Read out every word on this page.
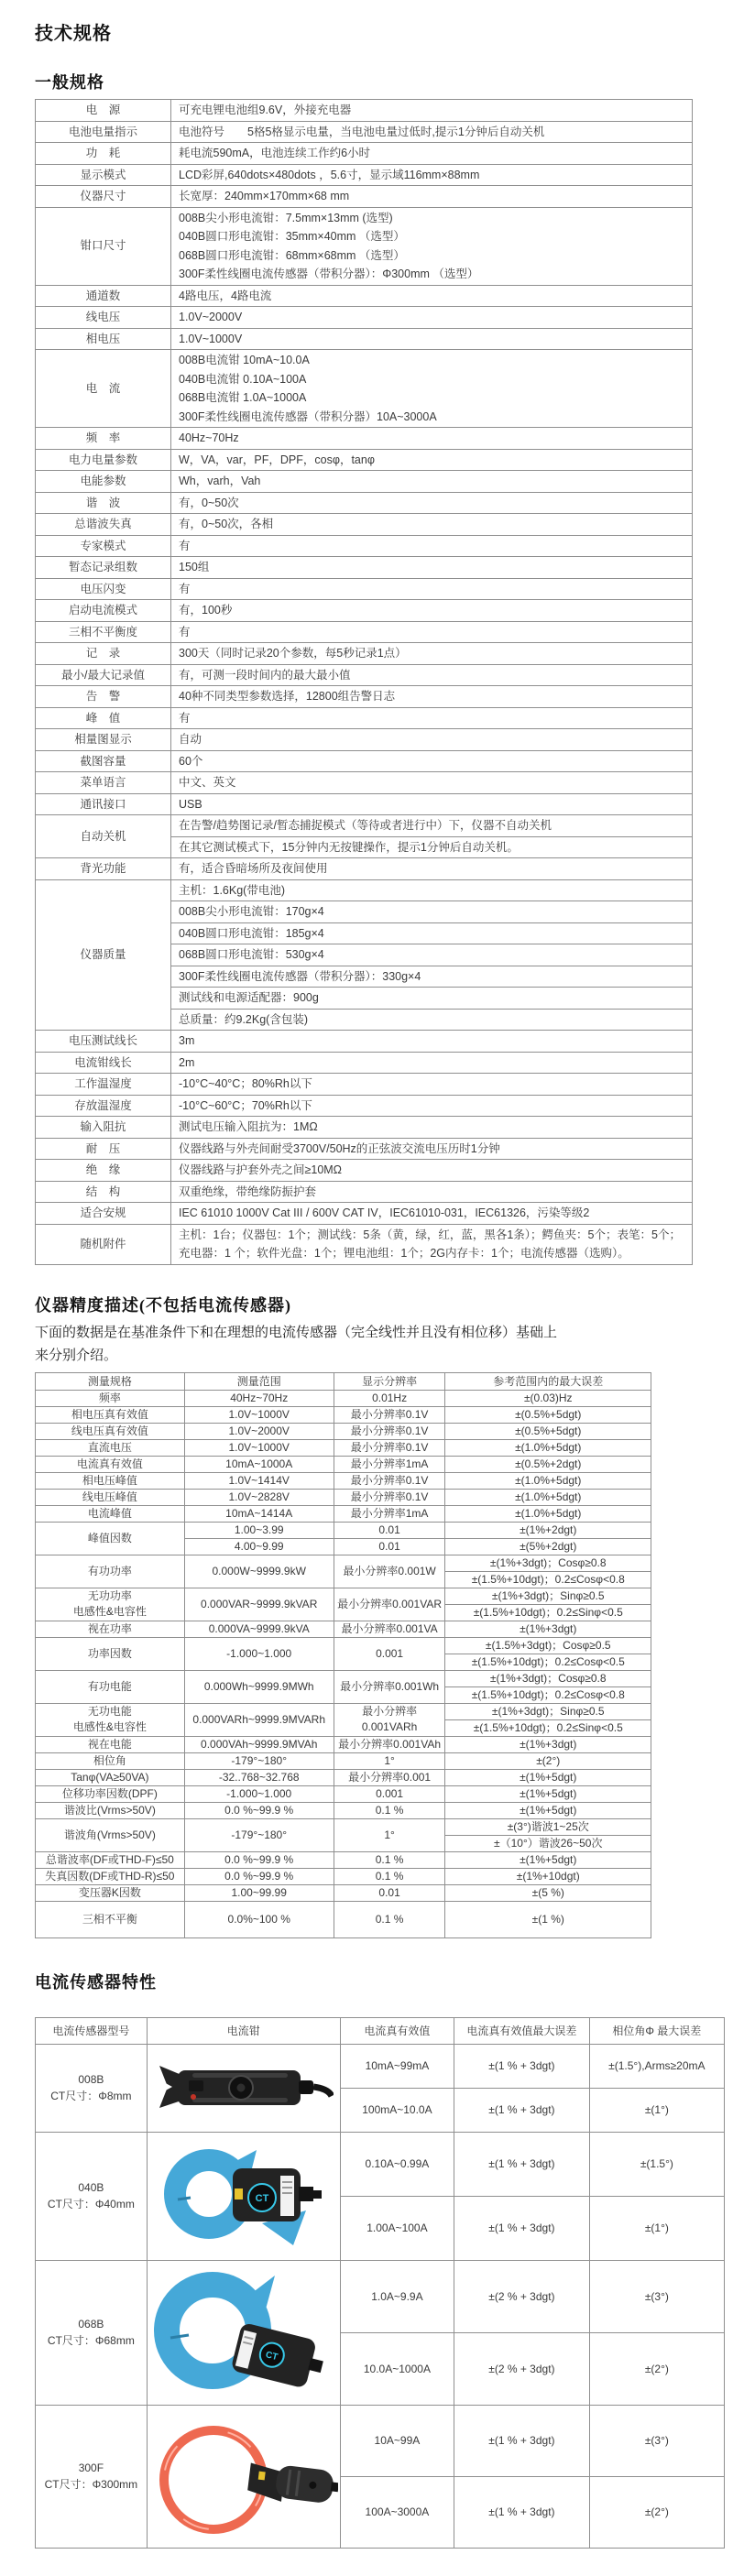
技术规格
一般规格
电　源	可充电锂电池组9.6V，外接充电器
电池电量指示	电池符号　　5格5格显示电量，当电池电量过低时,提示1分钟后自动关机
功　耗	耗电流590mA，电池连续工作约6小时
显示模式	LCD彩屏,640dots×480dots ，5.6寸，显示域116mm×88mm
仪器尺寸	长宽厚：240mm×170mm×68 mm
钳口尺寸	008B尖小形电流钳：7.5mm×13mm (选型)
040B圆口形电流钳：35mm×40mm （选型）
068B圆口形电流钳：68mm×68mm （选型）
300F柔性线圈电流传感器（带积分器）：Φ300mm （选型）

通道数	4路电压，4路电流
线电压	1.0V~2000V
相电压	1.0V~1000V
电　流	008B电流钳 10mA~10.0A
040B电流钳 0.10A~100A
068B电流钳 1.0A~1000A
300F柔性线圈电流传感器（带积分器）10A~3000A

频　率	40Hz~70Hz
电力电量参数	W，VA，var，PF，DPF，cosφ，tanφ
电能参数	Wh，varh，Vah
谐　波	有，0~50次
总谐波失真	有，0~50次，各相
专家模式	有
暂态记录组数	150组
电压闪变	有
启动电流模式	有，100秒
三相不平衡度	有
记　录	300天（同时记录20个参数，每5秒记录1点）
最小/最大记录值	有，可测一段时间内的最大最小值
告　警	40种不同类型参数选择，12800组告警日志
峰　值	有
相量图显示	自动
截图容量	60个
菜单语言	中文、英文
通讯接口	USB
自动关机	在告警/趋势图记录/暂态捕捉模式（等待或者进行中）下，仪器不自动关机
	在其它测试模式下，15分钟内无按键操作，提示1分钟后自动关机。
背光功能	有，适合昏暗场所及夜间使用
仪器质量	主机：1.6Kg(带电池)
	008B尖小形电流钳：170g×4
	040B圆口形电流钳：185g×4
	068B圆口形电流钳：530g×4
	300F柔性线圈电流传感器（带积分器）：330g×4
	测试线和电源适配器：900g
	总质量：约9.2Kg(含包装)
电压测试线长	3m
电流钳线长	2m
工作温湿度	-10°C~40°C；80%Rh以下
存放温湿度	-10°C~60°C；70%Rh以下
输入阻抗	测试电压输入阻抗为：1MΩ
耐　压	仪器线路与外壳间耐受3700V/50Hz的正弦波交流电压历时1分钟
绝　缘	仪器线路与护套外壳之间≥10MΩ
结　构	双重绝缘，带绝缘防振护套
适合安规	IEC 61010 1000V Cat III / 600V CAT IV，IEC61010-031，IEC61326，污染等级2
随机附件	主机：1台；仪器包：1个；测试线：5条（黄，绿，红，蓝，黑各1条）；鳄鱼夹：5个；表笔：5个；充电器：1 个；软件光盘：1个；锂电池组：1个；2G内存卡：1个；电流传感器（选购）。
仪器精度描述(不包括电流传感器)

下面的数据是在基准条件下和在理想的电流传感器（完全线性并且没有相位移）基础上
来分别介绍。

测量规格	测量范围	显示分辨率	参考范围内的最大误差
频率	40Hz~70Hz	0.01Hz	±(0.03)Hz
相电压真有效值	1.0V~1000V	最小分辨率0.1V	±(0.5%+5dgt)
线电压真有效值	1.0V~2000V	最小分辨率0.1V	±(0.5%+5dgt)
直流电压	1.0V~1000V	最小分辨率0.1V	±(1.0%+5dgt)
电流真有效值	10mA~1000A	最小分辨率1mA	±(0.5%+2dgt)
相电压峰值	1.0V~1414V	最小分辨率0.1V	±(1.0%+5dgt)
线电压峰值	1.0V~2828V	最小分辨率0.1V	±(1.0%+5dgt)
电流峰值	10mA~1414A	最小分辨率1mA	±(1.0%+5dgt)
峰值因数	1.00~3.99	0.01	±(1%+2dgt)
	4.00~9.99	0.01	±(5%+2dgt)
有功功率	0.000W~9999.9kW	最小分辨率0.001W	±(1%+3dgt)；Cosφ≥0.8
			±(1.5%+10dgt)；0.2≤Cosφ<0.8

无功功率
电感性&电容性	0.000VAR~9999.9kVAR	最小分辨率0.001VAR	±(1%+3dgt)；Sinφ≥0.5
			±(1.5%+10dgt)；0.2≤Sinφ<0.5
视在功率	0.000VA~9999.9kVA	最小分辨率0.001VA	±(1%+3dgt)
功率因数	-1.000~1.000	0.001	±(1.5%+3dgt)；Cosφ≥0.5
			±(1.5%+10dgt)；0.2≤Cosφ<0.5
有功电能	0.000Wh~9999.9MWh	最小分辨率0.001Wh	±(1%+3dgt)；Cosφ≥0.8
			±(1.5%+10dgt)；0.2≤Cosφ<0.8

无功电能
电感性&电容性	0.000VARh~9999.9MVARh	最小分辨率0.001VARh	±(1%+3dgt)；Sinφ≥0.5
			±(1.5%+10dgt)；0.2≤Sinφ<0.5
视在电能	0.000VAh~9999.9MVAh	最小分辨率0.001VAh	±(1%+3dgt)
相位角	-179°~180°	1°	±(2°)
Tanφ(VA≥50VA)	-32..768~32.768	最小分辨率0.001	±(1%+5dgt)
位移功率因数(DPF)	-1.000~1.000	0.001	±(1%+5dgt)
谐波比(Vrms>50V)	0.0 %~99.9 %	0.1 %	±(1%+5dgt)
谐波角(Vrms>50V)	-179°~180°	1°	±(3°)谐波1~25次
			±（10°）谐波26~50次
总谐波率(DF或THD-F)≤50	0.0 %~99.9 %	0.1 %	±(1%+5dgt)
失真因数(DF或THD-R)≤50	0.0 %~99.9 %	0.1 %	±(1%+10dgt)
变压器K因数	1.00~99.99	0.01	±(5 %)
三相不平衡	0.0%~100 %	0.1 %	±(1 %)
电流传感器特性
电流传感器型号	电流钳	电流真有效值	电流真有效值最大误差	相位角Φ 最大误差

008B
CT尺寸：Φ8mm		10mA~99mA	±(1 % + 3dgt)	±(1.5°),Arms≥20mA
		100mA~10.0A	±(1 % + 3dgt)	±(1°)

040B
CT尺寸：Φ40mm	CT	0.10A~0.99A	±(1 % + 3dgt)	±(1.5°)
		1.00A~100A	±(1 % + 3dgt)	±(1°)

068B
CT尺寸：Φ68mm	CT	1.0A~9.9A	±(2 % + 3dgt)	±(3°)
		10.0A~1000A	±(2 % + 3dgt)	±(2°)

300F
CT尺寸：Φ300mm		10A~99A	±(1 % + 3dgt)	±(3°)
		100A~3000A	±(1 % + 3dgt)	±(2°)
